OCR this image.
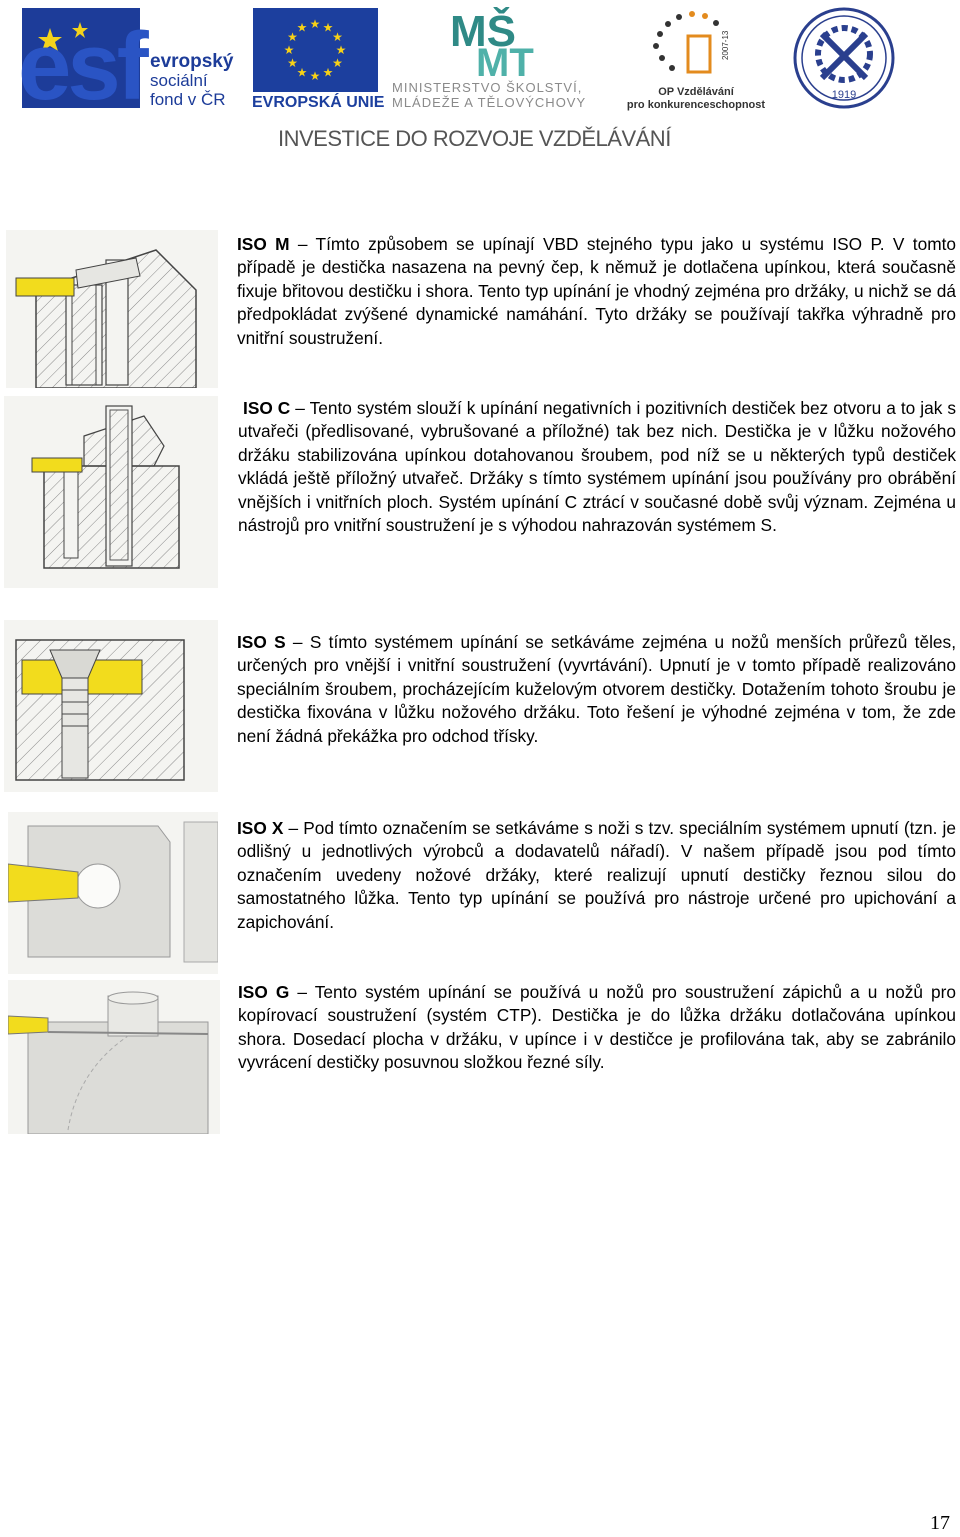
esf evropský
sociální
fond v ČR
★
★
★
★
★
★
★
★
★ ★ ★
★
EVROPSKÁ UNIE
MŠ
MT
MINISTERSTVO ŠKOLSTVÍ,
MLÁDEŽE A TĚLOVÝCHOVY
2007-13
OP Vzdělávání
pro konkurenceschopnost
1919
INVESTICE DO ROZVOJE VZDĚLÁVÁNÍ

ISO M – Tímto způsobem se upínají VBD stejného typu jako u systému ISO P. V tomto případě je destička nasazena na pevný čep, k němuž je dotlačena upínkou, která současně fixuje břitovou destičku i shora. Tento typ upínání je vhodný zejména pro držáky, u nichž se dá předpokládat zvýšené dynamické namáhání. Tyto držáky se používají takřka výhradně pro vnitřní soustružení.

ISO C – Tento systém slouží k upínání negativních i pozitivních destiček bez otvoru a to jak s utvařeči (předlisované, vybrušované a příložné) tak bez nich. Destička je v lůžku nožového držáku stabilizována upínkou dotahovanou šroubem, pod níž se u některých typů destiček vkládá ještě příložný utvařeč. Držáky s tímto systémem upínání jsou používány pro obrábění vnějších i vnitřních ploch. Systém upínání C ztrácí v současné době svůj význam. Zejména u nástrojů pro vnitřní soustružení je s výhodou nahrazován systémem S.

ISO S – S tímto systémem upínání se setkáváme zejména u nožů menších průřezů těles, určených pro vnější i vnitřní soustružení (vyvrtávání). Upnutí je v tomto případě realizováno speciálním šroubem, procházejícím kuželovým otvorem destičky. Dotažením tohoto šroubu je destička fixována v lůžku nožového držáku. Toto řešení je výhodné zejména v tom, že zde není žádná překážka pro odchod třísky.

ISO X – Pod tímto označením se setkáváme s noži s tzv. speciálním systémem upnutí (tzn. je odlišný u jednotlivých výrobců a dodavatelů nářadí). V našem případě jsou pod tímto označením uvedeny nožové držáky, které realizují upnutí destičky řeznou silou do samostatného lůžka. Tento typ upínání se používá pro nástroje určené pro upichování a zapichování.

ISO G – Tento systém upínání se používá u nožů pro soustružení zápichů a u nožů pro kopírovací soustružení (systém CTP). Destička je do lůžka držáku dotlačována upínkou shora. Dosedací plocha v držáku, v upínce i v destičce je profilována tak, aby se zabránilo vyvrácení destičky posuvnou složkou řezné síly.

17
